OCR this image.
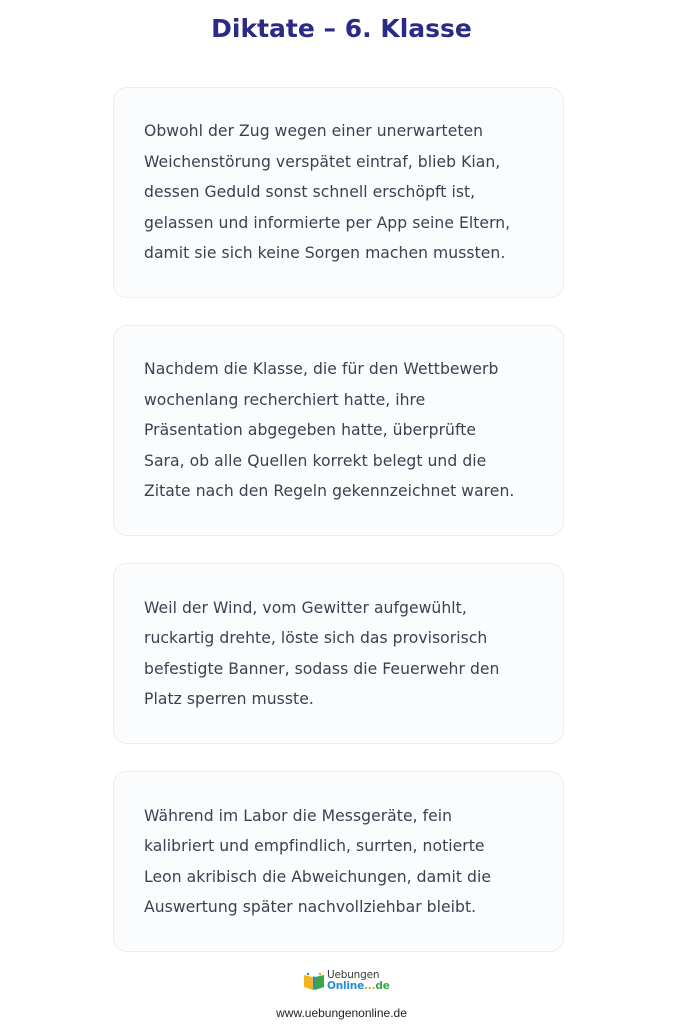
Diktate – 6. Klasse

Obwohl der Zug wegen einer unerwarteten
Weichenstörung verspätet eintraf, blieb Kian,
dessen Geduld sonst schnell erschöpft ist,
gelassen und informierte per App seine Eltern,
damit sie sich keine Sorgen machen mussten.

Nachdem die Klasse, die für den Wettbewerb
wochenlang recherchiert hatte, ihre
Präsentation abgegeben hatte, überprüfte
Sara, ob alle Quellen korrekt belegt und die
Zitate nach den Regeln gekennzeichnet waren.

Weil der Wind, vom Gewitter aufgewühlt,
ruckartig drehte, löste sich das provisorisch
befestigte Banner, sodass die Feuerwehr den
Platz sperren musste.

Während im Labor die Messgeräte, fein
kalibriert und empfindlich, surrten, notierte
Leon akribisch die Abweichungen, damit die
Auswertung später nachvollziehbar bleibt.

Uebungen
Online...de
www.uebungenonline.de
